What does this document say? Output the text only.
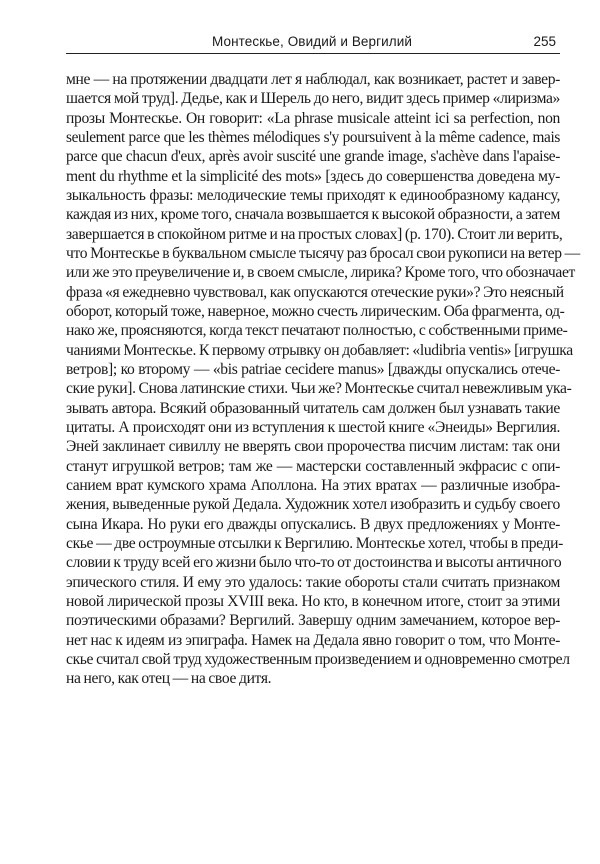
Монтескье, Овидий и Вергилий	255
мне — на протяжении двадцати лет я наблюдал, как возникает, растет и завер-
шается мой труд]. Дедье, как и Шерель до него, видит здесь пример «лиризма»
прозы Монтескье. Он говорит: «La phrase musicale atteint ici sa perfection, non
seulement parce que les thèmes mélodiques s'y poursuivent à la même cadence, mais
parce que chacun d'eux, après avoir suscité une grande image, s'achève dans l'apaise-
ment du rhythme et la simplicité des mots» [здесь до совершенства доведена му-
зыкальность фразы: мелодические темы приходят к единообразному каданcу,
каждая из них, кроме того, сначала возвышается к высокой образности, а затем
завершается в спокойном ритме и на простых словах] (р. 170). Стоит ли верить,
что Монтескье в буквальном смысле тысячу раз бросал свои рукописи на ветер —
или же это преувеличение и, в своем смысле, лирика? Кроме того, что обозначает
фраза «я ежедневно чувствовал, как опускаются отеческие руки»? Это неясный
оборот, который тоже, наверное, можно счесть лирическим. Оба фрагмента, од-
нако же, проясняются, когда текст печатают полностью, с собственными приме-
чаниями Монтескье. К первому отрывку он добавляет: «ludibria ventis» [игрушка
ветров]; ко второму — «bis patriae cecidere manus» [дважды опускались отече-
ские руки]. Снова латинские стихи. Чьи же? Монтескье считал невежливым ука-
зывать автора. Всякий образованный читатель сам должен был узнавать такие
цитаты. А происходят они из вступления к шестой книге «Энеиды» Вергилия.
Эней заклинает сивиллу не вверять свои пророчества писчим листам: так они
станут игрушкой ветров; там же — мастерски составленный экфрасис с опи-
санием врат кумского храма Аполлона. На этих вратах — различные изобра-
жения, выведенные рукой Дедала. Художник хотел изобразить и судьбу своего
сына Икара. Но руки его дважды опускались. В двух предложениях у Монте-
скье — две остроумные отсылки к Вергилию. Монтескье хотел, чтобы в преди-
словии к труду всей его жизни было что-то от достоинства и высоты античного
эпического стиля. И ему это удалось: такие обороты стали считать признаком
новой лирической прозы XVIII века. Но кто, в конечном итоге, стоит за этими
поэтическими образами? Вергилий. Завершу одним замечанием, которое вер-
нет нас к идеям из эпиграфа. Намек на Дедала явно говорит о том, что Монте-
скье считал свой труд художественным произведением и одновременно смотрел
на него, как отец — на свое дитя.
